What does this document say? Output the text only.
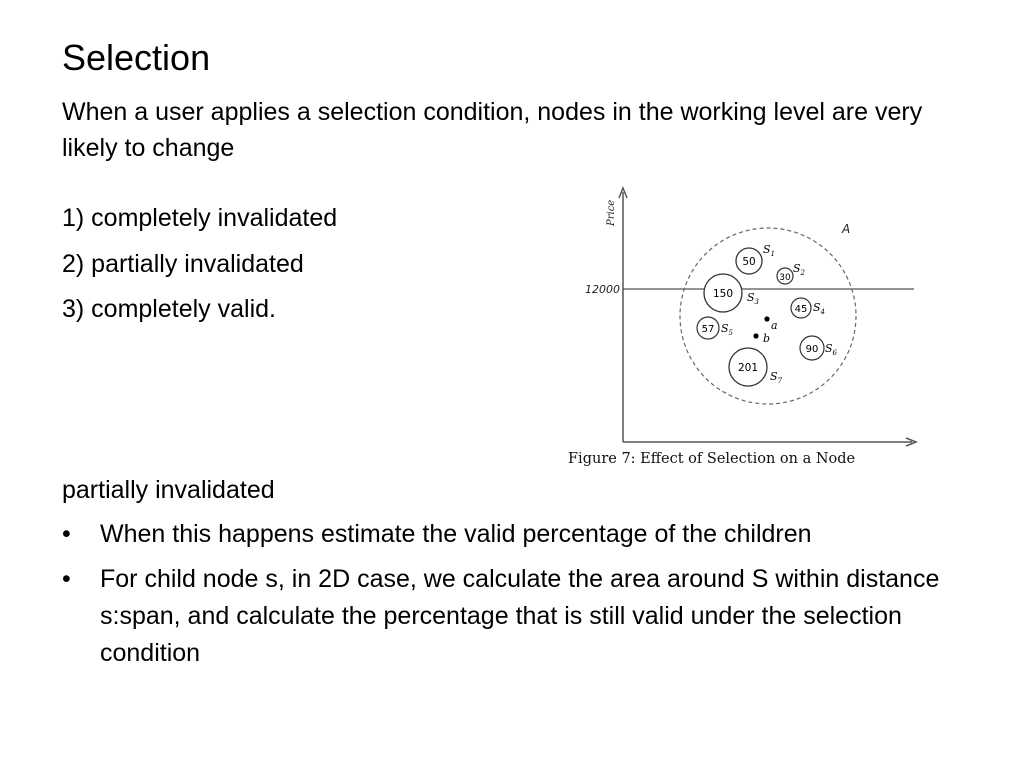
Selection
When a user applies a selection condition, nodes in the working level are very likely to change
1) completely invalidated
2) partially invalidated
3) completely valid.
Price
12000
A
50
$S_1$
30
$S_2$
150 $S_3$
45 $S_4$
57 $S_5$
90 $S_6$
201
$S_7$
a
b
Figure 7: Effect of Selection on a Node
partially invalidated
• When this happens estimate the valid percentage of the children
• For child node s, in 2D case, we calculate the area around S within distance s:span, and calculate the percentage that is still valid under the selection condition
